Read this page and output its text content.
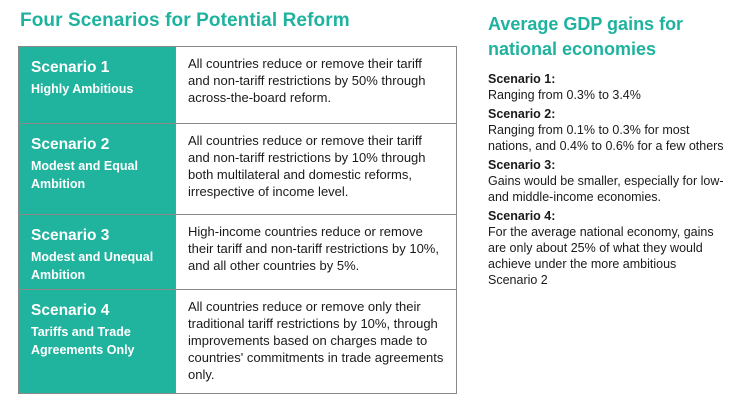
Four Scenarios for Potential Reform
Scenario 1
Highly Ambitious
All countries reduce or remove their tariff and non-tariff restrictions by 50% through across-the-board reform.
Scenario 2
Modest and Equal Ambition
All countries reduce or remove their tariff and non-tariff restrictions by 10% through both multilateral and domestic reforms, irrespective of income level.
Scenario 3
Modest and Unequal Ambition
High-income countries reduce or remove their tariff and non-tariff restrictions by 10%, and all other countries by 5%.
Scenario 4
Tariffs and Trade Agreements Only
All countries reduce or remove only their traditional tariff restrictions by 10%, through improvements based on charges made to countries' commitments in trade agreements only.
Average GDP gains for national economies
Scenario 1:
Ranging from 0.3% to 3.4%
Scenario 2:
Ranging from 0.1% to 0.3% for most nations, and 0.4% to 0.6% for a few others
Scenario 3:
Gains would be smaller, especially for low- and middle-income economies.
Scenario 4:
For the average national economy, gains are only about 25% of what they would achieve under the more ambitious Scenario 2
